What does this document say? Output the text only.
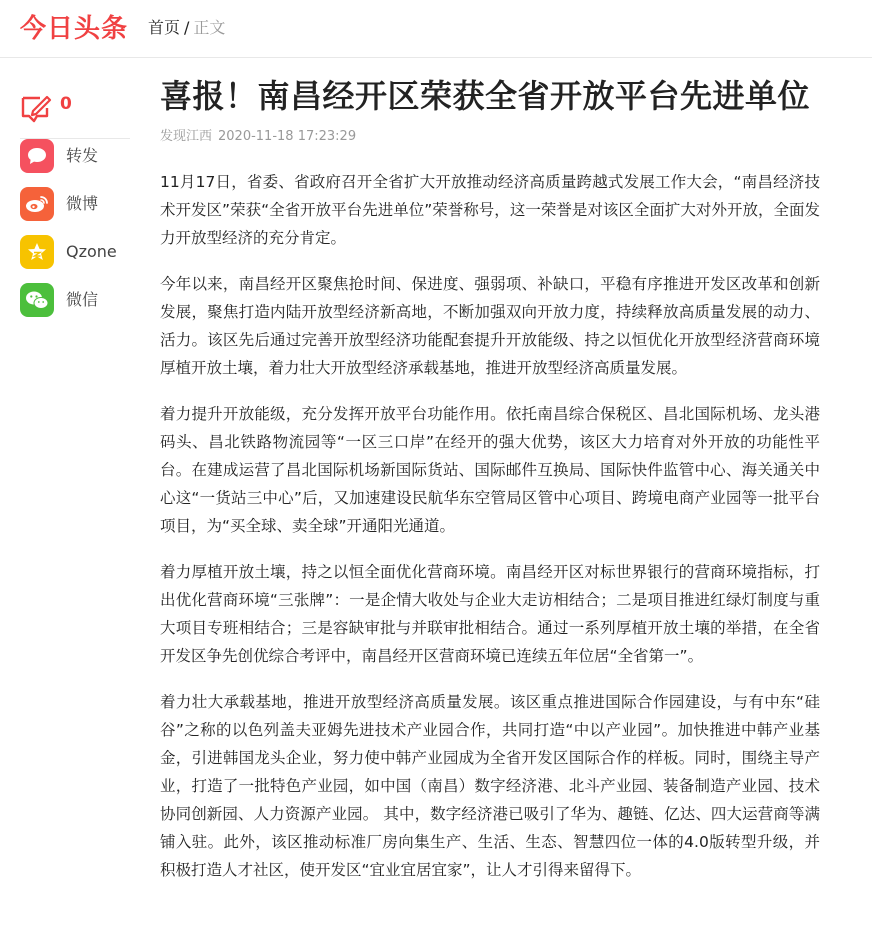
今日头条 首页 / 正文
0
转发
微博
Qzone
微信
喜报！南昌经开区荣获全省开放平台先进单位
发现江西 2020-11-18 17:23:29

11月17日，省委、省政府召开全省扩大开放推动经济高质量跨越式发展工作大会，“南昌经济技术开发区”荣获“全省开放平台先进单位”荣誉称号，这一荣誉是对该区全面扩大对外开放，全面发力开放型经济的充分肯定。

今年以来，南昌经开区聚焦抢时间、保进度、强弱项、补缺口，平稳有序推进开发区改革和创新发展，聚焦打造内陆开放型经济新高地，不断加强双向开放力度，持续释放高质量发展的动力、活力。该区先后通过完善开放型经济功能配套提升开放能级、持之以恒优化开放型经济营商环境厚植开放土壤，着力壮大开放型经济承载基地，推进开放型经济高质量发展。

着力提升开放能级，充分发挥开放平台功能作用。依托南昌综合保税区、昌北国际机场、龙头港码头、昌北铁路物流园等“一区三口岸”在经开的强大优势，该区大力培育对外开放的功能性平台。在建成运营了昌北国际机场新国际货站、国际邮件互换局、国际快件监管中心、海关通关中心这“一货站三中心”后，又加速建设民航华东空管局区管中心项目、跨境电商产业园等一批平台项目，为“买全球、卖全球”开通阳光通道。

着力厚植开放土壤，持之以恒全面优化营商环境。南昌经开区对标世界银行的营商环境指标，打出优化营商环境“三张牌”：一是企情大收处与企业大走访相结合；二是项目推进红绿灯制度与重大项目专班相结合；三是容缺审批与并联审批相结合。通过一系列厚植开放土壤的举措，在全省开发区争先创优综合考评中，南昌经开区营商环境已连续五年位居“全省第一”。

着力壮大承载基地，推进开放型经济高质量发展。该区重点推进国际合作园建设，与有中东“硅谷”之称的以色列盖夫亚姆先进技术产业园合作，共同打造“中以产业园”。加快推进中韩产业基金，引进韩国龙头企业，努力使中韩产业园成为全省开发区国际合作的样板。同时，围绕主导产业，打造了一批特色产业园，如中国（南昌）数字经济港、北斗产业园、装备制造产业园、技术协同创新园、人力资源产业园。 其中，数字经济港已吸引了华为、趣链、亿达、四大运营商等满铺入驻。此外，该区推动标准厂房向集生产、生活、生态、智慧四位一体的4.0版转型升级，并积极打造人才社区，使开发区“宜业宜居宜家”，让人才引得来留得下。
